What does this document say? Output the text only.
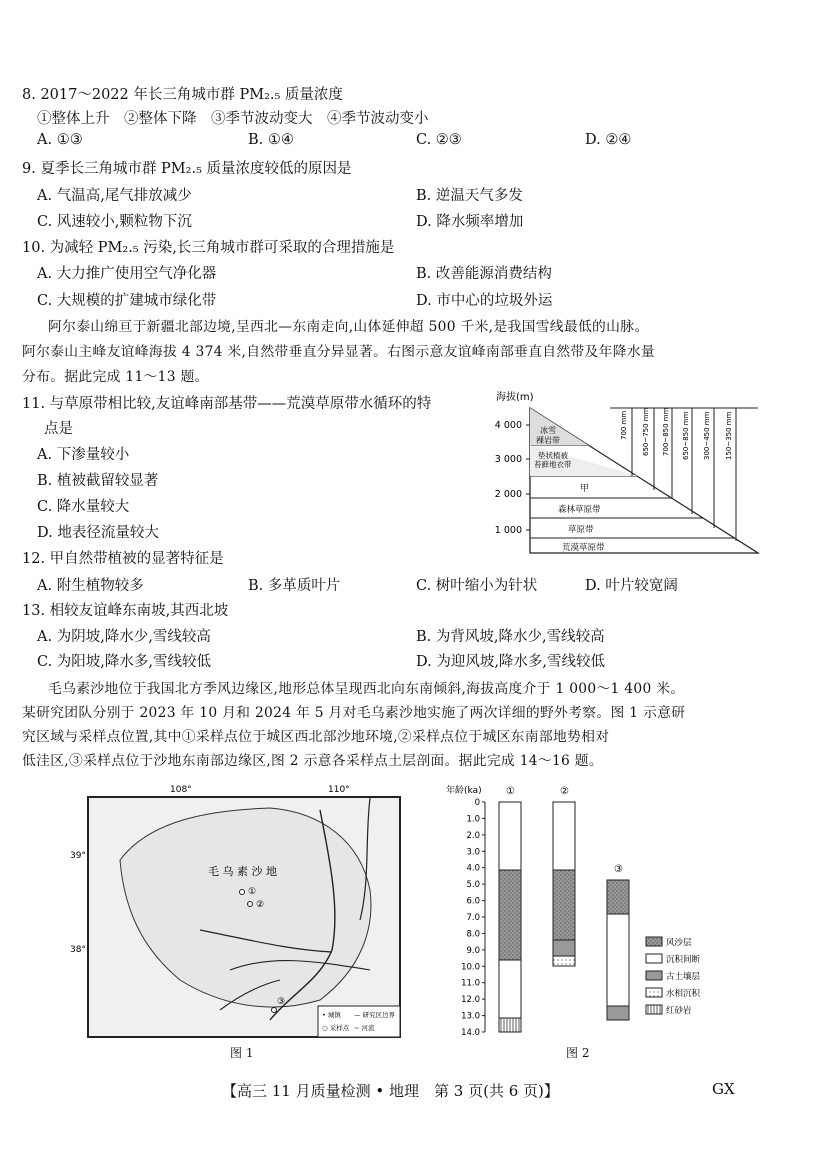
8. 2017～2022 年长三角城市群 PM₂.₅ 质量浓度
①整体上升　②整体下降　③季节波动变大　④季节波动变小
A. ①③	B. ①④	C. ②③	D. ②④
9. 夏季长三角城市群 PM₂.₅ 质量浓度较低的原因是
A. 气温高,尾气排放减少	B. 逆温天气多发
C. 风速较小,颗粒物下沉	D. 降水频率增加
10. 为减轻 PM₂.₅ 污染,长三角城市群可采取的合理措施是
A. 大力推广使用空气净化器	B. 改善能源消费结构
C. 大规模的扩建城市绿化带	D. 市中心的垃圾外运
阿尔泰山绵亘于新疆北部边境,呈西北—东南走向,山体延伸超 500 千米,是我国雪线最低的山脉。
阿尔泰山主峰友谊峰海拔 4 374 米,自然带垂直分异显著。右图示意友谊峰南部垂直自然带及年降水量
分布。据此完成 11～13 题。
11. 与草原带相比较,友谊峰南部基带——荒漠草原带水循环的特
点是
A. 下渗量较小
B. 植被截留较显著
C. 降水量较大
D. 地表径流量较大
海拔(m)
4 000
3 000
2 000
1 000
冰雪裸岩带
垫状植被苔藓地衣带
甲
森林草原带
草原带
荒漠草原带
700 mm 650~750 mm 700~850 mm 650~850 mm 300~450 mm 150~350 mm
12. 甲自然带植被的显著特征是
A. 附生植物较多	B. 多革质叶片	C. 树叶缩小为针状	D. 叶片较宽阔
13. 相较友谊峰东南坡,其西北坡
A. 为阴坡,降水少,雪线较高	B. 为背风坡,降水少,雪线较高
C. 为阳坡,降水多,雪线较低	D. 为迎风坡,降水多,雪线较低
毛乌素沙地位于我国北方季风边缘区,地形总体呈现西北向东南倾斜,海拔高度介于 1 000～1 400 米。
某研究团队分别于 2023 年 10 月和 2024 年 5 月对毛乌素沙地实施了两次详细的野外考察。图 1 示意研
究区域与采样点位置,其中①采样点位于城区西北部沙地环境,②采样点位于城区东南部地势相对
低洼区,③采样点位于沙地东南部边缘区,图 2 示意各采样点土层剖面。据此完成 14～16 题。
108°	110°
39°
38°
毛 乌 素 沙 地
①
②
③
• 城镇 — 研究区边界
○ 采样点 ~ 河流
图 1
年龄(ka)
0
1.0
2.0
3.0
4.0
5.0
6.0
7.0
8.0
9.0
10.0
11.0
12.0
13.0
14.0
①	②
③
风沙层
沉积间断
古土壤层
水相沉积
红砂岩
图 2
【高三 11 月质量检测 • 地理　第 3 页(共 6 页)】	GX
